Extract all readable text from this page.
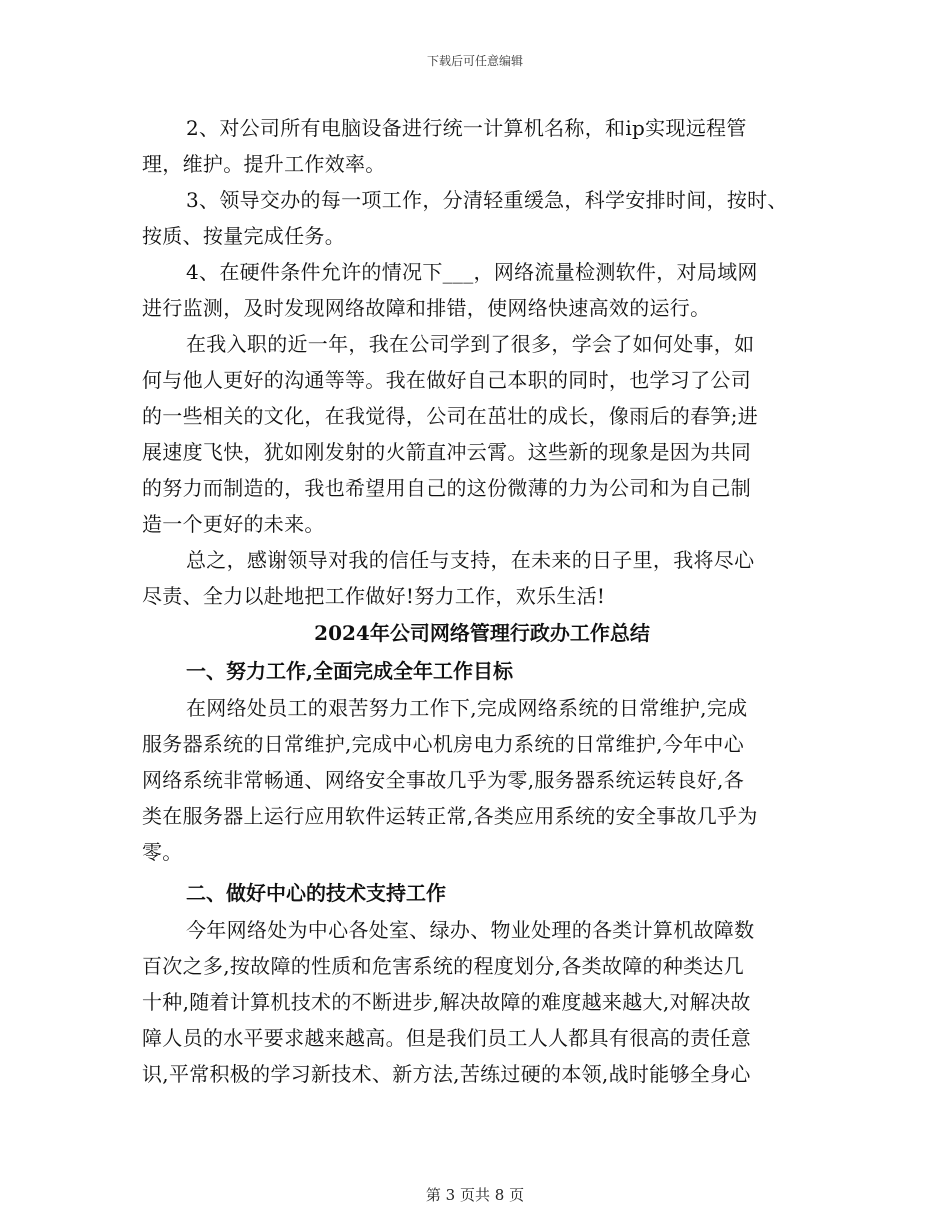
下载后可任意编辑
2、对公司所有电脑设备进行统一计算机名称，和ip实现远程管
理，维护。提升工作效率。
3、领导交办的每一项工作，分清轻重缓急，科学安排时间，按时、
按质、按量完成任务。
4、在硬件条件允许的情况下___，网络流量检测软件，对局域网
进行监测，及时发现网络故障和排错，使网络快速高效的运行。
在我入职的近一年，我在公司学到了很多，学会了如何处事，如
何与他人更好的沟通等等。我在做好自己本职的同时，也学习了公司
的一些相关的文化，在我觉得，公司在茁壮的成长，像雨后的春笋;进
展速度飞快，犹如刚发射的火箭直冲云霄。这些新的现象是因为共同
的努力而制造的，我也希望用自己的这份微薄的力为公司和为自己制
造一个更好的未来。
总之，感谢领导对我的信任与支持，在未来的日子里，我将尽心
尽责、全力以赴地把工作做好!努力工作，欢乐生活!
2024年公司网络管理行政办工作总结
一、努力工作,全面完成全年工作目标
在网络处员工的艰苦努力工作下,完成网络系统的日常维护,完成
服务器系统的日常维护,完成中心机房电力系统的日常维护,今年中心
网络系统非常畅通、网络安全事故几乎为零,服务器系统运转良好,各
类在服务器上运行应用软件运转正常,各类应用系统的安全事故几乎为
零。
二、做好中心的技术支持工作
今年网络处为中心各处室、绿办、物业处理的各类计算机故障数
百次之多,按故障的性质和危害系统的程度划分,各类故障的种类达几
十种,随着计算机技术的不断进步,解决故障的难度越来越大,对解决故
障人员的水平要求越来越高。但是我们员工人人都具有很高的责任意
识,平常积极的学习新技术、新方法,苦练过硬的本领,战时能够全身心
第 3 页共 8 页
